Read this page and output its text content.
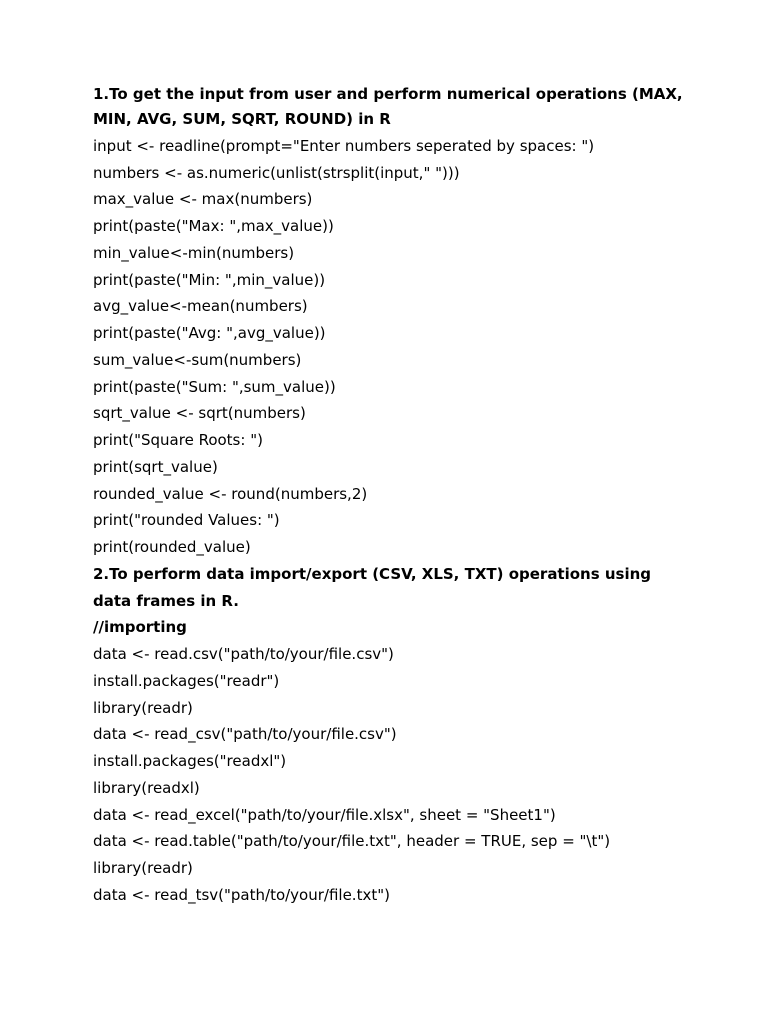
1.To get the input from user and perform numerical operations (MAX,
MIN, AVG, SUM, SQRT, ROUND) in R
input <- readline(prompt="Enter numbers seperated by spaces: ")
numbers <- as.numeric(unlist(strsplit(input," ")))
max_value <- max(numbers)
print(paste("Max: ",max_value))
min_value<-min(numbers)
print(paste("Min: ",min_value))
avg_value<-mean(numbers)
print(paste("Avg: ",avg_value))
sum_value<-sum(numbers)
print(paste("Sum: ",sum_value))
sqrt_value <- sqrt(numbers)
print("Square Roots: ")
print(sqrt_value)
rounded_value <- round(numbers,2)
print("rounded Values: ")
print(rounded_value)
2.To perform data import/export (CSV, XLS, TXT) operations using
data frames in R.
//importing
data <- read.csv("path/to/your/file.csv")
install.packages("readr")
library(readr)
data <- read_csv("path/to/your/file.csv")
install.packages("readxl")
library(readxl)
data <- read_excel("path/to/your/file.xlsx", sheet = "Sheet1")
data <- read.table("path/to/your/file.txt", header = TRUE, sep = "\t")
library(readr)
data <- read_tsv("path/to/your/file.txt")
